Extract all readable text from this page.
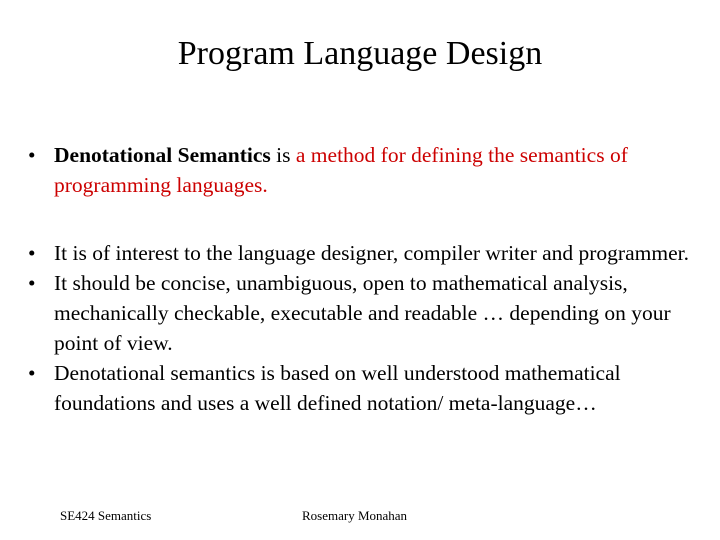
Program Language Design
• Denotational Semantics is a method for defining the semantics of programming languages.
• It is of interest to the language designer, compiler writer and programmer.
• It should be concise, unambiguous, open to mathematical analysis, mechanically checkable, executable and readable … depending on your point of view.
• Denotational semantics is based on well understood mathematical foundations and uses a well defined notation/ meta-language…
SE424 Semantics	Rosemary Monahan
